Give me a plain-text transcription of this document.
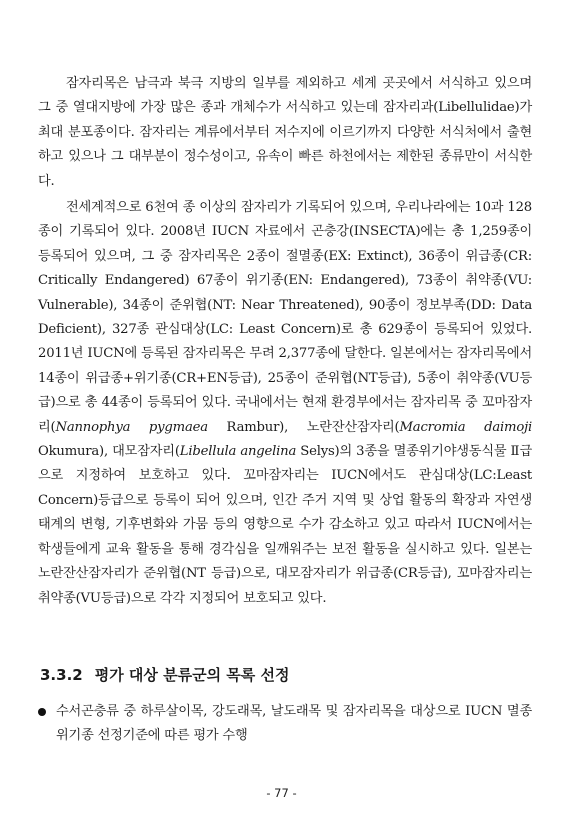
잠자리목은 남극과 북극 지방의 일부를 제외하고 세계 곳곳에서 서식하고 있으며 그 중 열대지방에 가장 많은 종과 개체수가 서식하고 있는데 잠자리과(Libellulidae)가 최대 분포종이다. 잠자리는 계류에서부터 저수지에 이르기까지 다양한 서식처에서 출현하고 있으나 그 대부분이 정수성이고, 유속이 빠른 하천에서는 제한된 종류만이 서식한다.

전세계적으로 6천여 종 이상의 잠자리가 기록되어 있으며, 우리나라에는 10과 128종이 기록되어 있다. 2008년 IUCN 자료에서 곤충강(INSECTA)에는 총 1,259종이 등록되어 있으며, 그 중 잠자리목은 2종이 절멸종(EX: Extinct), 36종이 위급종(CR: Critically Endangered) 67종이 위기종(EN: Endangered), 73종이 취약종(VU: Vulnerable), 34종이 준위협(NT: Near Threatened), 90종이 정보부족(DD: Data Deficient), 327종 관심대상(LC: Least Concern)로 총 629종이 등록되어 있었다. 2011년 IUCN에 등록된 잠자리목은 무려 2,377종에 달한다. 일본에서는 잠자리목에서 14종이 위급종+위기종(CR+EN등급), 25종이 준위협(NT등급), 5종이 취약종(VU등급)으로 총 44종이 등록되어 있다. 국내에서는 현재 환경부에서는 잠자리목 중 꼬마잠자리(Nannophya pygmaea Rambur), 노란잔산잠자리(Macromia daimoji Okumura), 대모잠자리(Libellula angelina Selys)의 3종을 멸종위기야생동식물 Ⅱ급으로 지정하여 보호하고 있다. 꼬마잠자리는 IUCN에서도 관심대상(LC:Least Concern)등급으로 등록이 되어 있으며, 인간 주거 지역 및 상업 활동의 확장과 자연생태계의 변형, 기후변화와 가뭄 등의 영향으로 수가 감소하고 있고 따라서 IUCN에서는 학생들에게 교육 활동을 통해 경각심을 일깨워주는 보전 활동을 실시하고 있다. 일본는 노란잔산잠자리가 준위협(NT 등급)으로, 대모잠자리가 위급종(CR등급), 꼬마잠자리는 취약종(VU등급)으로 각각 지정되어 보호되고 있다.

3.3.2 평가 대상 분류군의 목록 선정

수서곤충류 중 하루살이목, 강도래목, 날도래목 및 잠자리목을 대상으로 IUCN 멸종위기종 선정기준에 따른 평가 수행

- 77 -
